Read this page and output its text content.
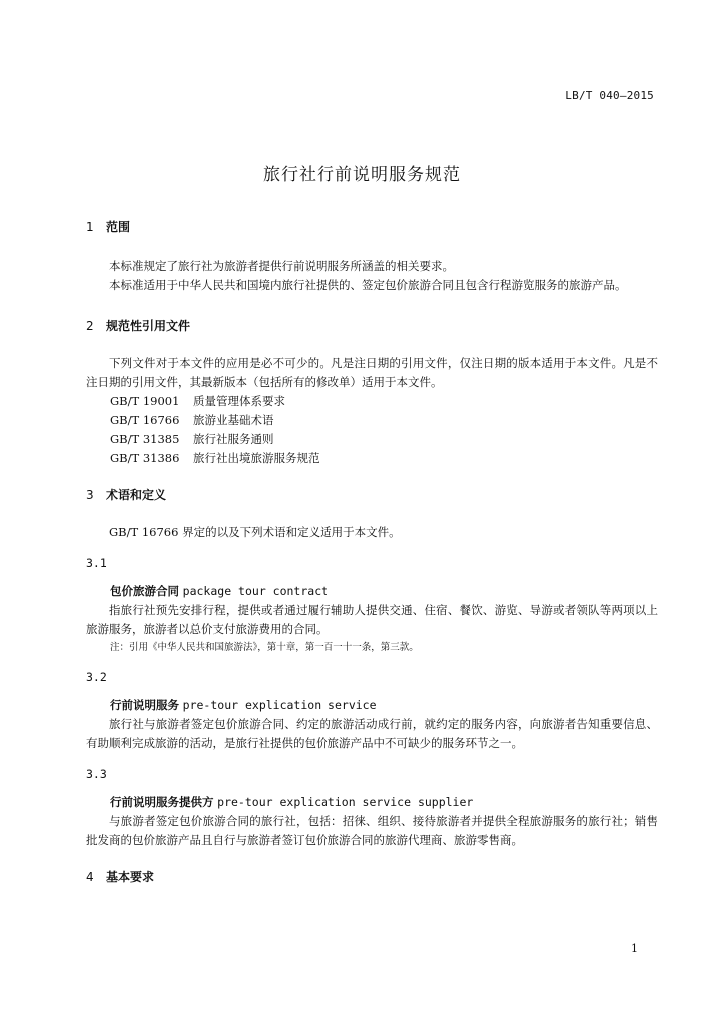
LB/T 040—2015
旅行社行前说明服务规范
1 范围

本标准规定了旅行社为旅游者提供行前说明服务所涵盖的相关要求。

本标准适用于中华人民共和国境内旅行社提供的、签定包价旅游合同且包含行程游览服务的旅游产品。

2 规范性引用文件

下列文件对于本文件的应用是必不可少的。凡是注日期的引用文件，仅注日期的版本适用于本文件。凡是不注日期的引用文件，其最新版本（包括所有的修改单）适用于本文件。

GB/T 19001 质量管理体系要求
GB/T 16766 旅游业基础术语
GB/T 31385 旅行社服务通则
GB/T 31386 旅行社出境旅游服务规范
3 术语和定义

GB/T 16766 界定的以及下列术语和定义适用于本文件。

3.1

包价旅游合同 package tour contract

指旅行社预先安排行程，提供或者通过履行辅助人提供交通、住宿、餐饮、游览、导游或者领队等两项以上旅游服务，旅游者以总价支付旅游费用的合同。

注：引用《中华人民共和国旅游法》，第十章，第一百一十一条，第三款。

3.2

行前说明服务 pre-tour explication service

旅行社与旅游者签定包价旅游合同、约定的旅游活动成行前，就约定的服务内容，向旅游者告知重要信息、有助顺利完成旅游的活动，是旅行社提供的包价旅游产品中不可缺少的服务环节之一。

3.3

行前说明服务提供方 pre-tour explication service supplier

与旅游者签定包价旅游合同的旅行社，包括：招徕、组织、接待旅游者并提供全程旅游服务的旅行社；销售批发商的包价旅游产品且自行与旅游者签订包价旅游合同的旅游代理商、旅游零售商。

4 基本要求
1
